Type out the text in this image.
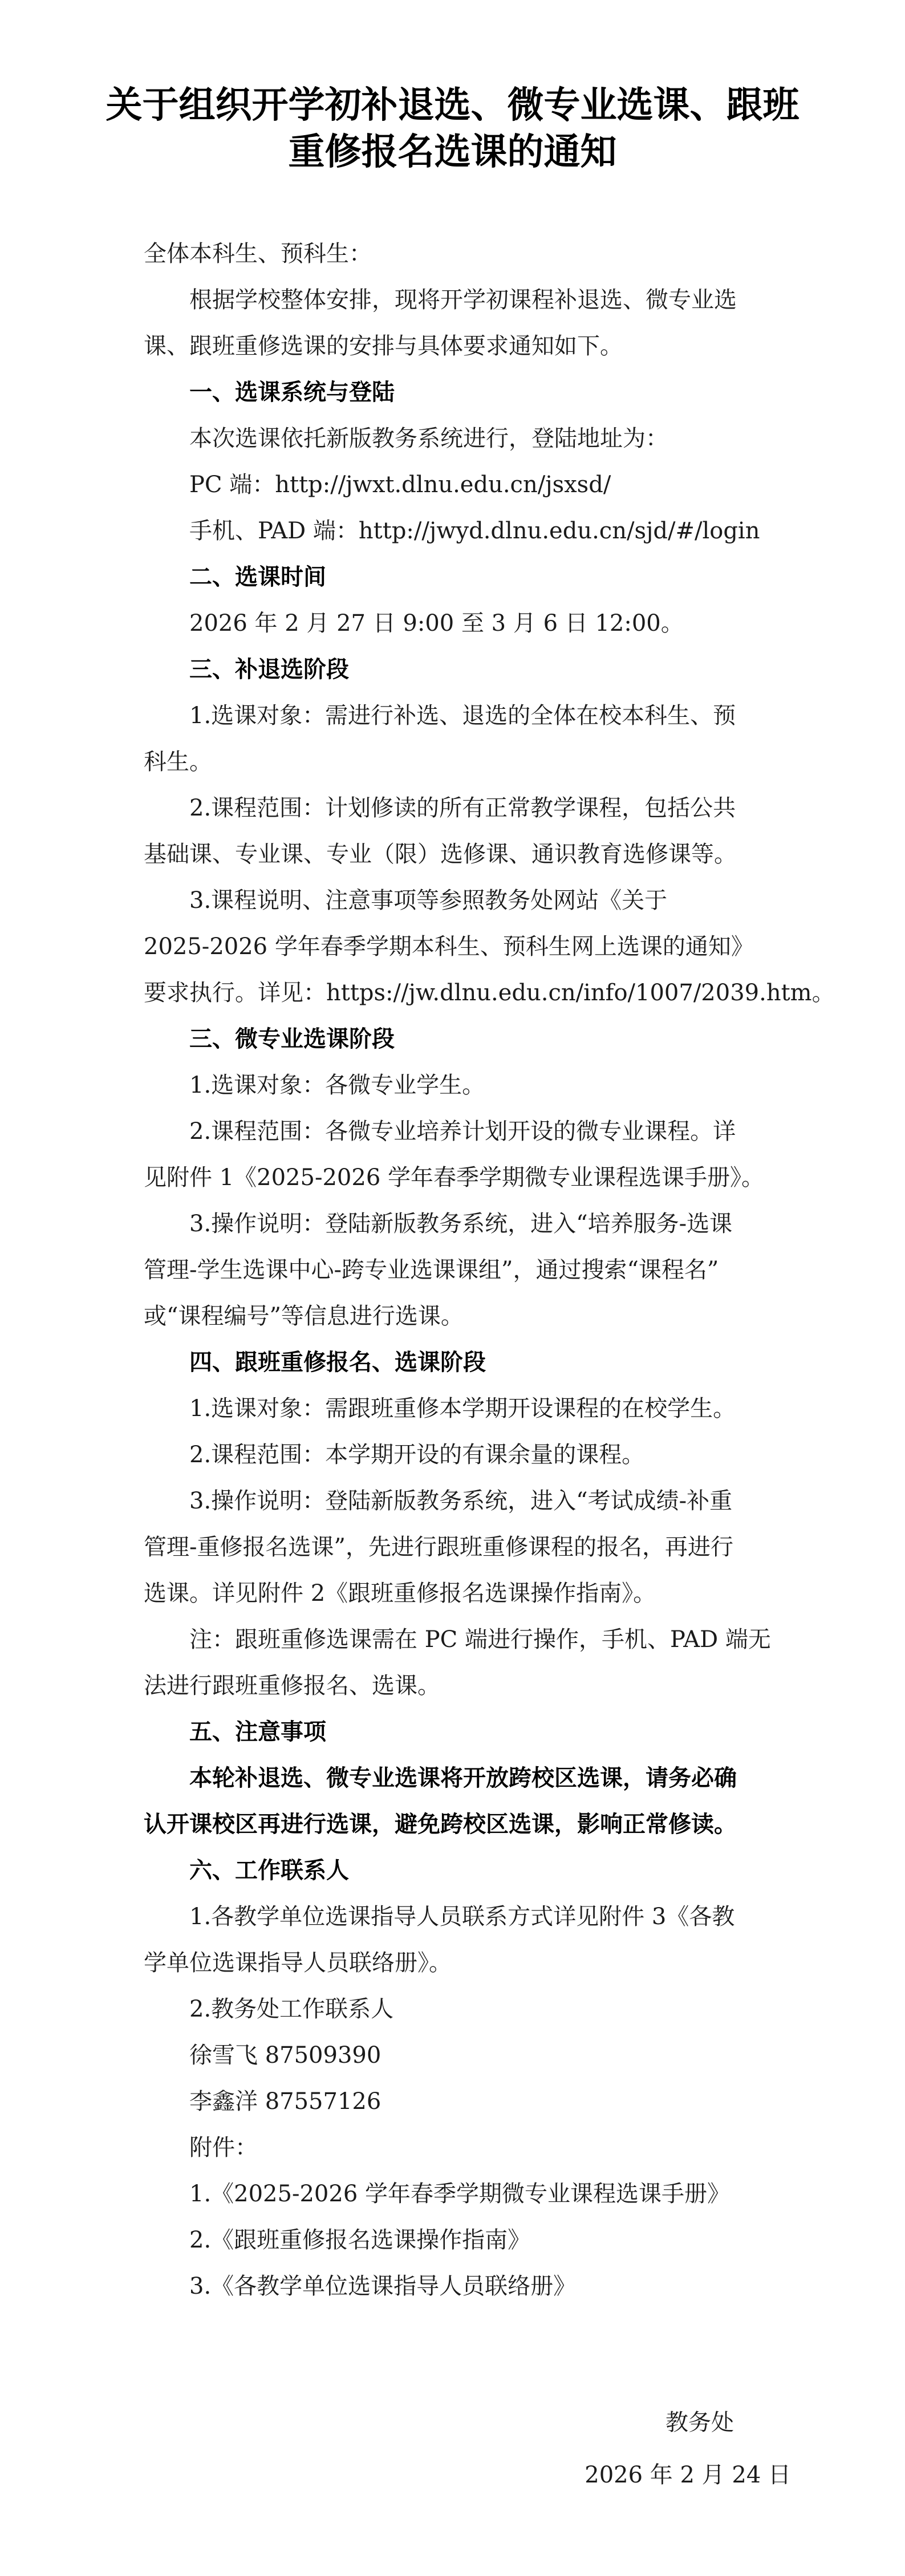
关于组织开学初补退选、微专业选课、跟班
重修报名选课的通知

全体本科生、预科生：

根据学校整体安排，现将开学初课程补退选、微专业选

课、跟班重修选课的安排与具体要求通知如下。

一、选课系统与登陆

本次选课依托新版教务系统进行，登陆地址为：

PC 端：http://jwxt.dlnu.edu.cn/jsxsd/

手机、PAD 端：http://jwyd.dlnu.edu.cn/sjd/#/login

二、选课时间

2026 年 2 月 27 日 9:00 至 3 月 6 日 12:00。

三、补退选阶段

1.选课对象：需进行补选、退选的全体在校本科生、预

科生。

2.课程范围：计划修读的所有正常教学课程，包括公共

基础课、专业课、专业（限）选修课、通识教育选修课等。

3.课程说明、注意事项等参照教务处网站《关于

2025-2026 学年春季学期本科生、预科生网上选课的通知》

要求执行。详见：https://jw.dlnu.edu.cn/info/1007/2039.htm。

三、微专业选课阶段

1.选课对象：各微专业学生。

2.课程范围：各微专业培养计划开设的微专业课程。详

见附件 1《2025-2026 学年春季学期微专业课程选课手册》。

3.操作说明：登陆新版教务系统，进入“培养服务-选课

管理-学生选课中心-跨专业选课课组”，通过搜索“课程名”

或“课程编号”等信息进行选课。

四、跟班重修报名、选课阶段

1.选课对象：需跟班重修本学期开设课程的在校学生。

2.课程范围：本学期开设的有课余量的课程。

3.操作说明：登陆新版教务系统，进入“考试成绩-补重

管理-重修报名选课”，先进行跟班重修课程的报名，再进行

选课。详见附件 2《跟班重修报名选课操作指南》。

注：跟班重修选课需在 PC 端进行操作，手机、PAD 端无

法进行跟班重修报名、选课。

五、注意事项

本轮补退选、微专业选课将开放跨校区选课，请务必确

认开课校区再进行选课，避免跨校区选课，影响正常修读。

六、工作联系人

1.各教学单位选课指导人员联系方式详见附件 3《各教

学单位选课指导人员联络册》。

2.教务处工作联系人

徐雪飞 87509390

李鑫洋 87557126

附件：

1.《2025-2026 学年春季学期微专业课程选课手册》

2.《跟班重修报名选课操作指南》

3.《各教学单位选课指导人员联络册》

教务处

2026 年 2 月 24 日
